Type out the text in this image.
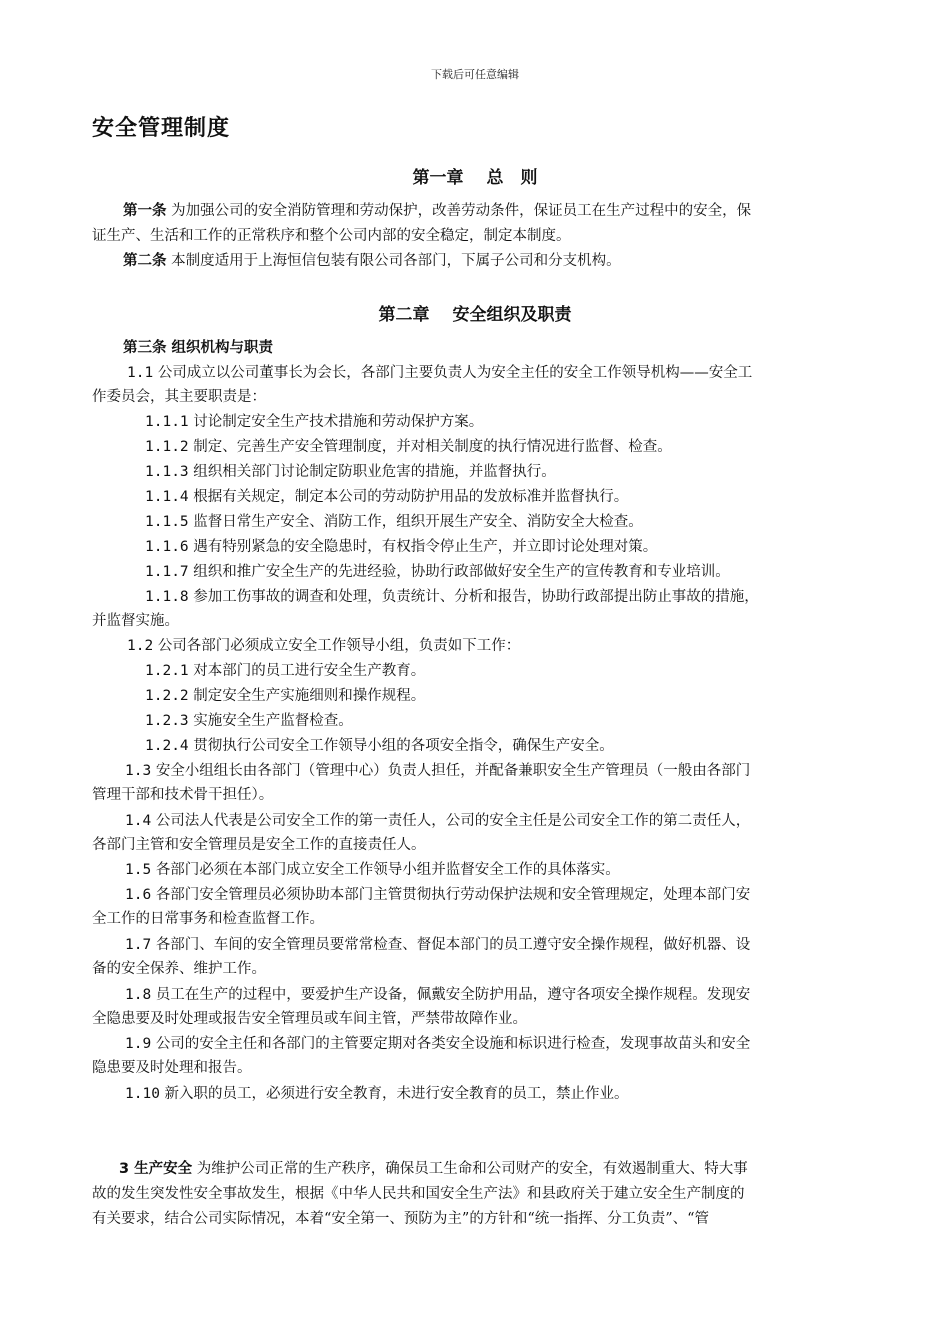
下载后可任意编辑
安全管理制度
第一章　 总　则
第一条 为加强公司的安全消防管理和劳动保护，改善劳动条件，保证员工在生产过程中的安全，保
证生产、生活和工作的正常秩序和整个公司内部的安全稳定，制定本制度。
第二条 本制度适用于上海恒信包装有限公司各部门，下属子公司和分支机构。
第二章　 安全组织及职责
第三条 组织机构与职责
1.1 公司成立以公司董事长为会长，各部门主要负责人为安全主任的安全工作领导机构——安全工
作委员会，其主要职责是：
1.1.1 讨论制定安全生产技术措施和劳动保护方案。
1.1.2 制定、完善生产安全管理制度，并对相关制度的执行情况进行监督、检查。
1.1.3 组织相关部门讨论制定防职业危害的措施，并监督执行。
1.1.4 根据有关规定，制定本公司的劳动防护用品的发放标准并监督执行。
1.1.5 监督日常生产安全、消防工作，组织开展生产安全、消防安全大检查。
1.1.6 遇有特别紧急的安全隐患时，有权指令停止生产，并立即讨论处理对策。
1.1.7 组织和推广安全生产的先进经验，协助行政部做好安全生产的宣传教育和专业培训。
1.1.8 参加工伤事故的调查和处理，负责统计、分析和报告，协助行政部提出防止事故的措施，
并监督实施。
1.2 公司各部门必须成立安全工作领导小组，负责如下工作：
1.2.1 对本部门的员工进行安全生产教育。
1.2.2 制定安全生产实施细则和操作规程。
1.2.3 实施安全生产监督检查。
1.2.4 贯彻执行公司安全工作领导小组的各项安全指令，确保生产安全。
1.3 安全小组组长由各部门（管理中心）负责人担任，并配备兼职安全生产管理员（一般由各部门
管理干部和技术骨干担任）。
1.4 公司法人代表是公司安全工作的第一责任人，公司的安全主任是公司安全工作的第二责任人，
各部门主管和安全管理员是安全工作的直接责任人。
1.5 各部门必须在本部门成立安全工作领导小组并监督安全工作的具体落实。
1.6 各部门安全管理员必须协助本部门主管贯彻执行劳动保护法规和安全管理规定，处理本部门安
全工作的日常事务和检查监督工作。
1.7 各部门、车间的安全管理员要常常检查、督促本部门的员工遵守安全操作规程，做好机器、设
备的安全保养、维护工作。
1.8 员工在生产的过程中，要爱护生产设备，佩戴安全防护用品，遵守各项安全操作规程。发现安
全隐患要及时处理或报告安全管理员或车间主管，严禁带故障作业。
1.9 公司的安全主任和各部门的主管要定期对各类安全设施和标识进行检查，发现事故苗头和安全
隐患要及时处理和报告。
1.10 新入职的员工，必须进行安全教育，未进行安全教育的员工，禁止作业。
3 生产安全 为维护公司正常的生产秩序，确保员工生命和公司财产的安全，有效遏制重大、特大事
故的发生突发性安全事故发生，根据《中华人民共和国安全生产法》和县政府关于建立安全生产制度的
有关要求，结合公司实际情况，本着“安全第一、预防为主”的方针和“统一指挥、分工负责”、“管
